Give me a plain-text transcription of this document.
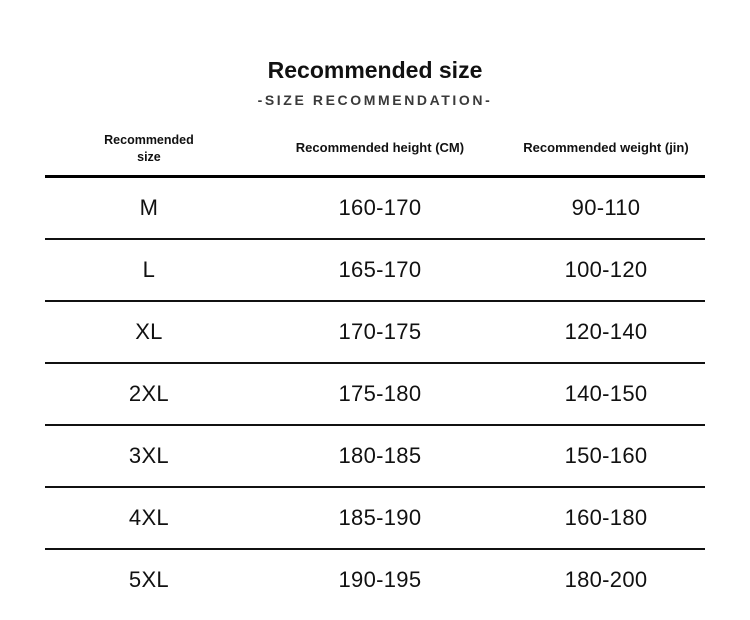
Recommended size
-SIZE RECOMMENDATION-
Recommended
size	Recommended height (CM)	Recommended weight (jin)
M	160-170	90-110
L	165-170	100-120
XL	170-175	120-140
2XL	175-180	140-150
3XL	180-185	150-160
4XL	185-190	160-180
5XL	190-195	180-200
